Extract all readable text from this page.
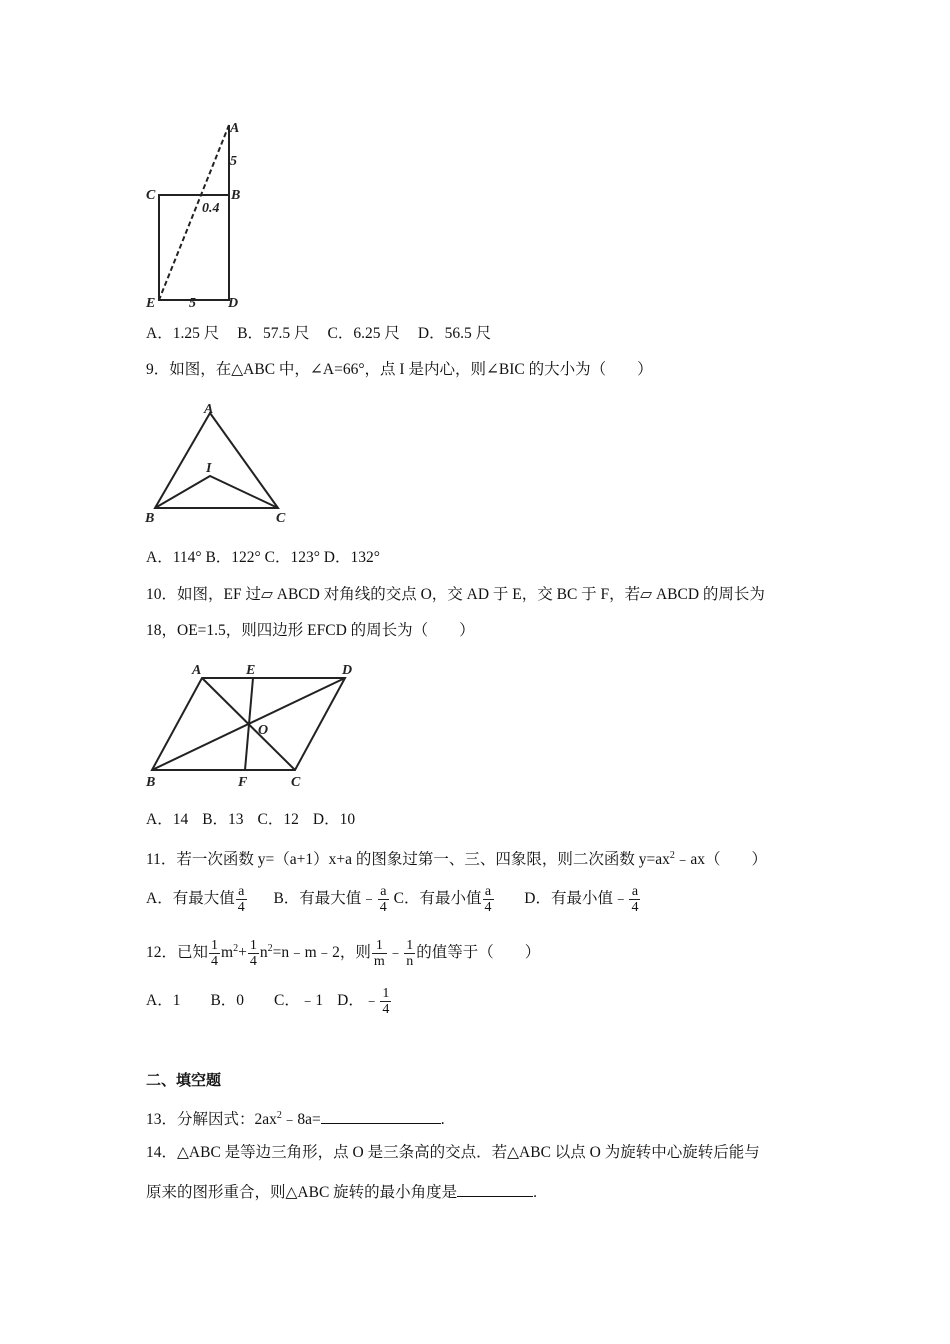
A
5
C	B
0.4
E 5 D
A．1.25 尺 B．57.5 尺 C．6.25 尺 D．56.5 尺
9．如图，在△ABC 中，∠A=66°，点 I 是内心，则∠BIC 的大小为（　　）
A
I
B	C
A．114° B．122° C．123° D．132°
10．如图，EF 过▱ ABCD 对角线的交点 O，交 AD 于 E，交 BC 于 F，若▱ ABCD 的周长为
18，OE=1.5，则四边形 EFCD 的周长为（　　）
A	E	D
O
B	F	C
A．14 B．13 C．12 D．10
11．若一次函数 y=（a+1）x+a 的图象过第一、三、四象限，则二次函数 $y=ax^2﹣ax$（　　）
A．有最大值 $\frac{a}{4}$ B．有最大值﹣ $\frac{a}{4}$ C．有最小值 $\frac{a}{4}$ D．有最小值﹣ $\frac{a}{4}$
12．已知 $\frac{1}{4} m^2+ \frac{1}{4}$ $n^2=n﹣m﹣2$，则 $\frac{1}{m}$ ﹣ $\frac{1}{n}$ 的值等于（　　）
A．1 B．0 C．﹣1 D．﹣ $\frac{1}{4}$
二、填空题
13．分解因式：$2ax^2﹣8a=$	.
14．△ABC 是等边三角形，点 O 是三条高的交点．若△ABC 以点 O 为旋转中心旋转后能与
原来的图形重合，则△ABC 旋转的最小角度是	.
